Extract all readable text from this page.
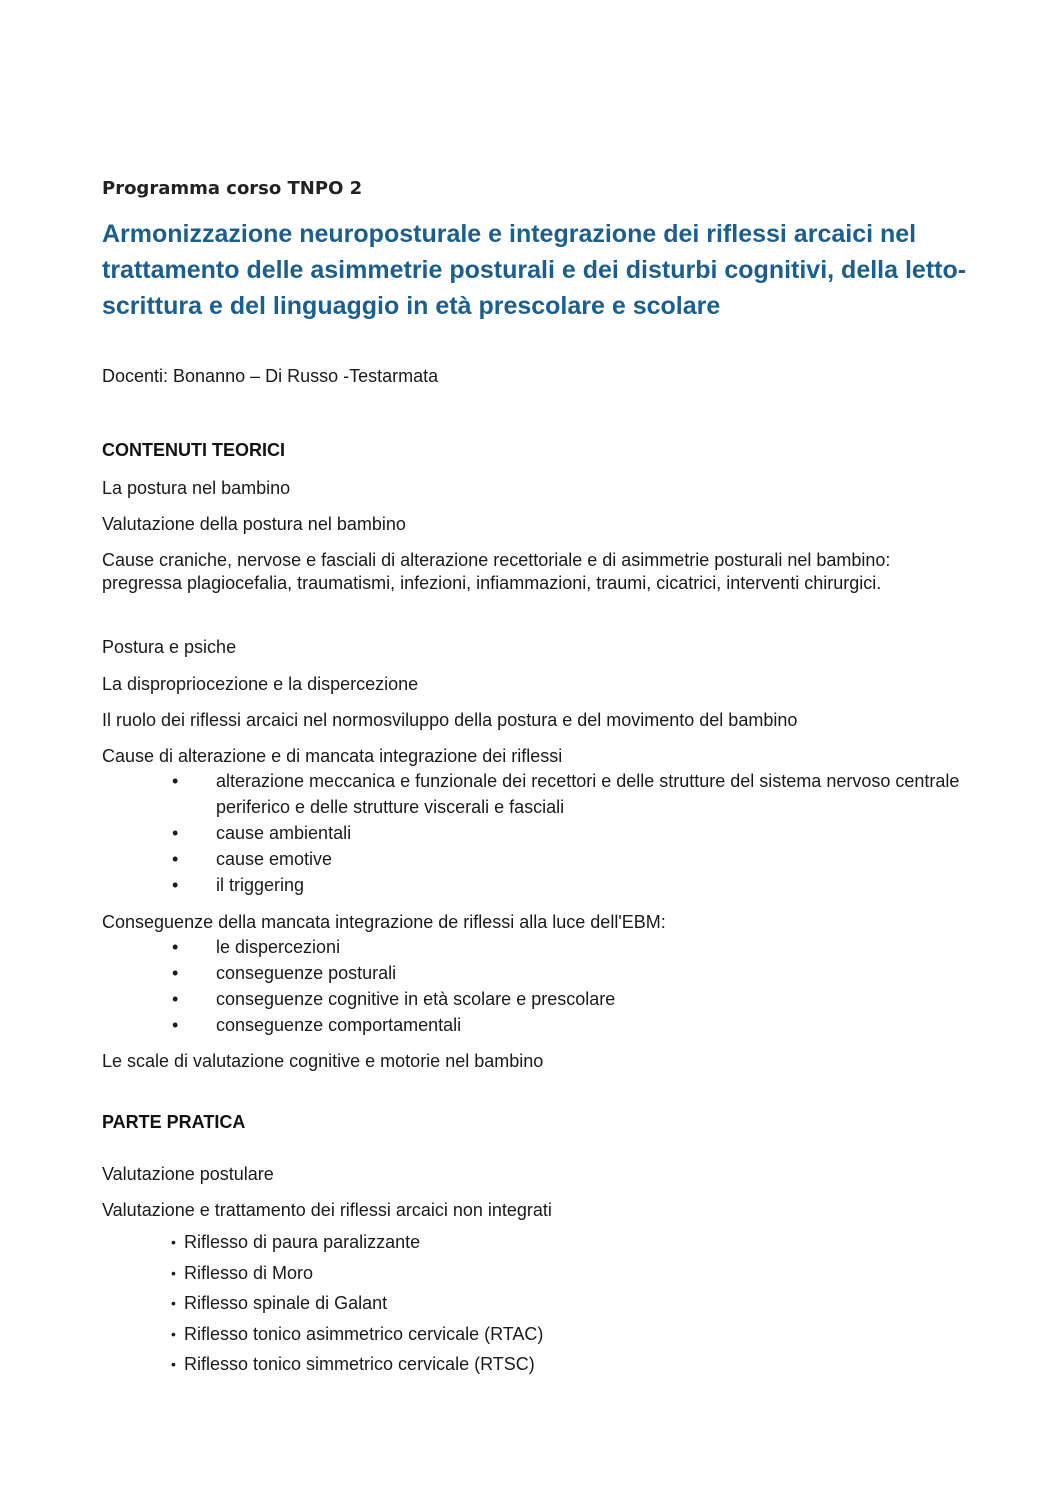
Programma corso TNPO 2

Armonizzazione neuroposturale e integrazione dei riflessi arcaici nel trattamento delle asimmetrie posturali e dei disturbi cognitivi, della letto-scrittura e del linguaggio in età prescolare e scolare

Docenti: Bonanno – Di Russo -Testarmata

CONTENUTI TEORICI

La postura nel bambino

Valutazione della postura nel bambino

Cause craniche, nervose e fasciali di alterazione recettoriale e di asimmetrie posturali nel bambino: pregressa plagiocefalia, traumatismi, infezioni, infiammazioni, traumi, cicatrici, interventi chirurgici.

Postura e psiche

La dispropriocezione e la dispercezione

Il ruolo dei riflessi arcaici nel normosviluppo della postura e del movimento del bambino

Cause di alterazione e di mancata integrazione dei riflessi

• alterazione meccanica e funzionale dei recettori e delle strutture del sistema nervoso centrale periferico e delle strutture viscerali e fasciali
• cause ambientali
• cause emotive
• il triggering

Conseguenze della mancata integrazione de riflessi alla luce dell'EBM:

• le dispercezioni
• conseguenze posturali
• conseguenze cognitive in età scolare e prescolare
• conseguenze comportamentali

Le scale di valutazione cognitive e motorie nel bambino

PARTE PRATICA

Valutazione postulare

Valutazione e trattamento dei riflessi arcaici non integrati

• Riflesso di paura paralizzante
• Riflesso di Moro
• Riflesso spinale di Galant
• Riflesso tonico asimmetrico cervicale (RTAC)
• Riflesso tonico simmetrico cervicale (RTSC)
